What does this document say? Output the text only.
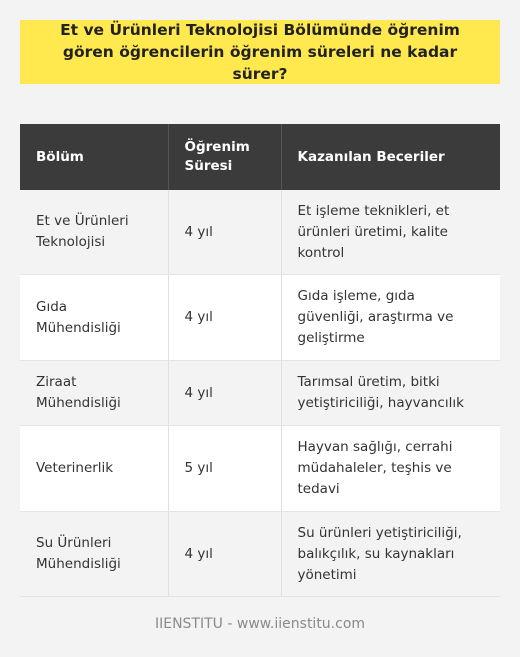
Et ve Ürünleri Teknolojisi Bölümünde öğrenim gören öğrencilerin öğrenim süreleri ne kadar sürer?
Bölüm	Öğrenim Süresi	Kazanılan Beceriler
Et ve Ürünleri Teknolojisi	4 yıl	Et işleme teknikleri, et ürünleri üretimi, kalite kontrol
Gıda Mühendisliği	4 yıl	Gıda işleme, gıda güvenliği, araştırma ve geliştirme
Ziraat Mühendisliği	4 yıl	Tarımsal üretim, bitki yetiştiriciliği, hayvancılık
Veterinerlik	5 yıl	Hayvan sağlığı, cerrahi müdahaleler, teşhis ve tedavi
Su Ürünleri Mühendisliği	4 yıl	Su ürünleri yetiştiriciliği, balıkçılık, su kaynakları yönetimi
IIENSTITU - www.iienstitu.com
